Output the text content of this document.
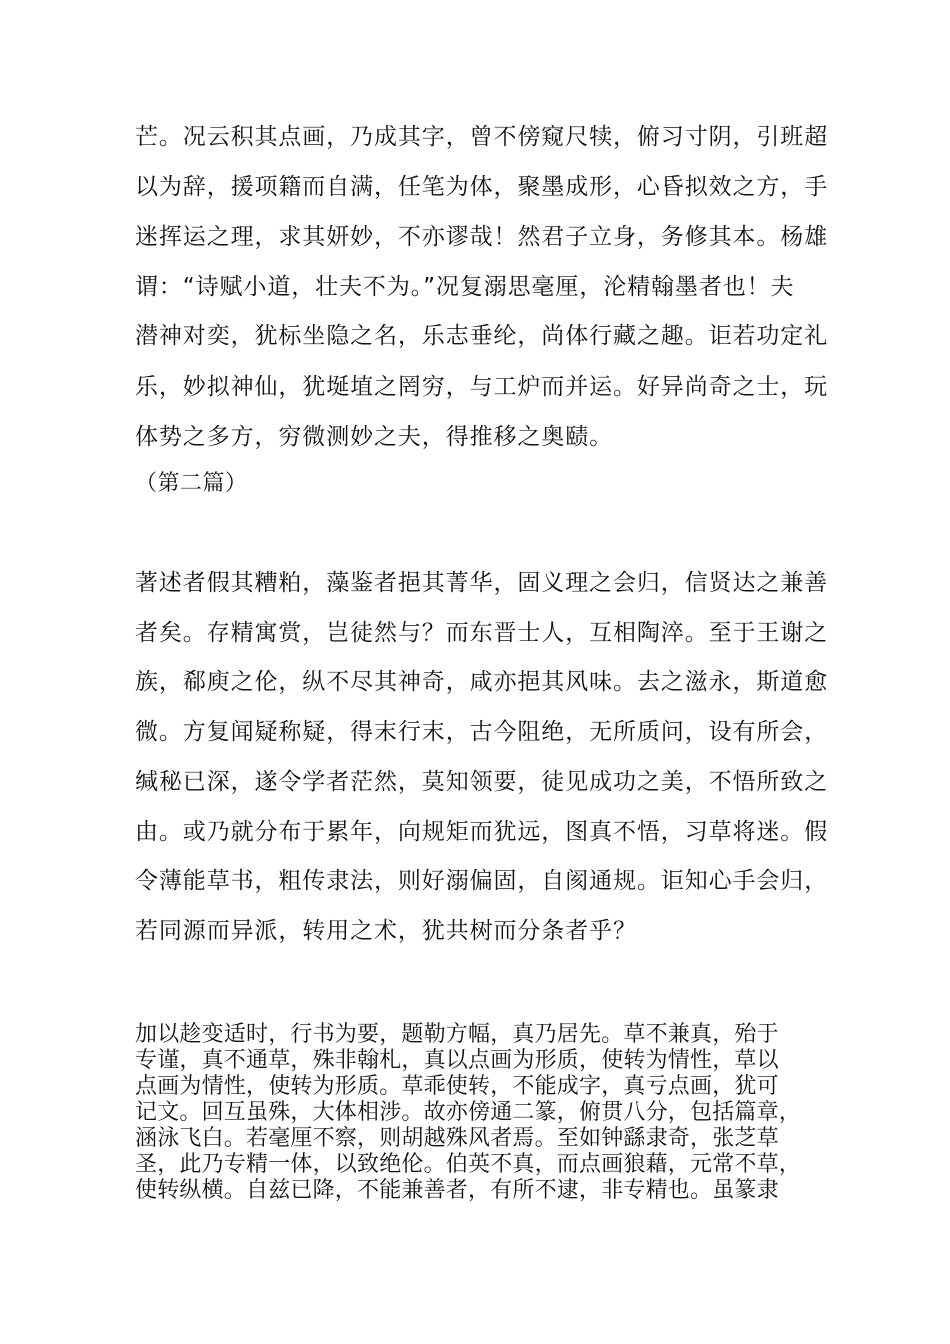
芒。况云积其点画，乃成其字，曾不傍窥尺犊，俯习寸阴，引班超

以为辞，援项籍而自满，任笔为体，聚墨成形，心昏拟效之方，手

迷挥运之理，求其妍妙，不亦谬哉！然君子立身，务修其本。杨雄

谓：“诗赋小道，壮夫不为。”况复溺思毫厘，沦精翰墨者也！夫

潜神对奕，犹标坐隐之名，乐志垂纶，尚体行藏之趣。讵若功定礼

乐，妙拟神仙，犹埏埴之罔穷，与工炉而并运。好异尚奇之士，玩

体势之多方，穷微测妙之夫，得推移之奥赜。

（第二篇）

著述者假其糟粕，藻鉴者挹其菁华，固义理之会归，信贤达之兼善

者矣。存精寓赏，岂徒然与？而东晋士人，互相陶淬。至于王谢之

族，郗庾之伦，纵不尽其神奇，咸亦挹其风味。去之滋永，斯道愈

微。方复闻疑称疑，得末行末，古今阻绝，无所质问，设有所会，

缄秘已深，遂令学者茫然，莫知领要，徒见成功之美，不悟所致之

由。或乃就分布于累年，向规矩而犹远，图真不悟，习草将迷。假

令薄能草书，粗传隶法，则好溺偏固，自阂通规。讵知心手会归，

若同源而异派，转用之术，犹共树而分条者乎？

加以趁变适时，行书为要，题勒方幅，真乃居先。草不兼真，殆于

专谨，真不通草，殊非翰札，真以点画为形质，使转为情性，草以

点画为情性，使转为形质。草乖使转，不能成字，真亏点画，犹可

记文。回互虽殊，大体相涉。故亦傍通二篆，俯贯八分，包括篇章，

涵泳飞白。若毫厘不察，则胡越殊风者焉。至如钟繇隶奇，张芝草

圣，此乃专精一体，以致绝伦。伯英不真，而点画狼藉，元常不草，

使转纵横。自兹已降，不能兼善者，有所不逮，非专精也。虽篆隶
